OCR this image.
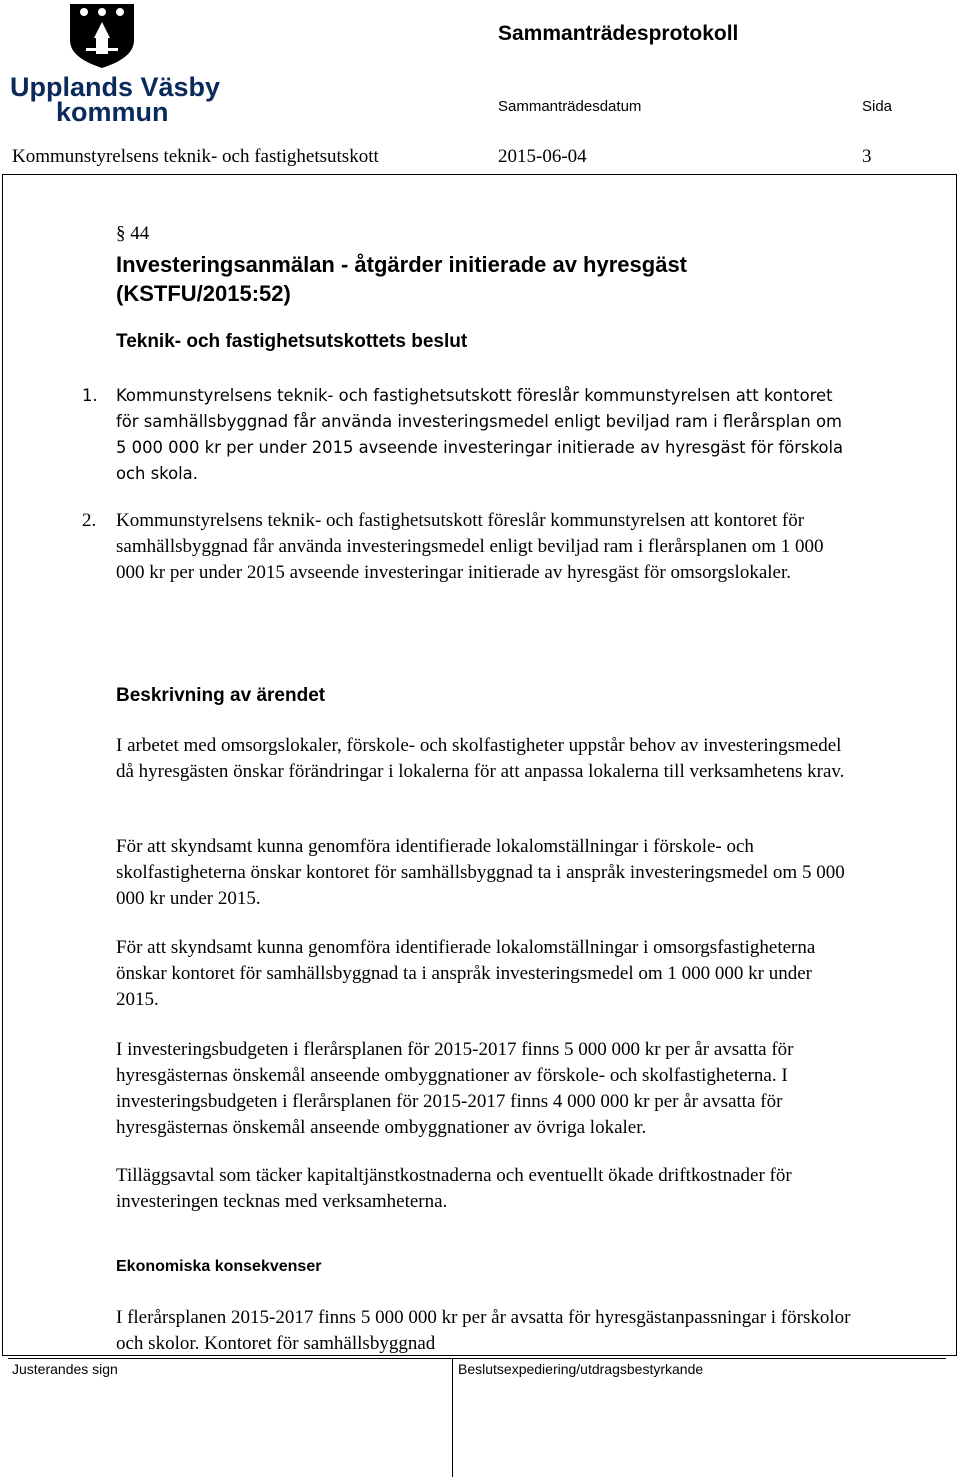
Upplands Väsby
kommun
Sammanträdesprotokoll
Sammanträdesdatum	Sida
Kommunstyrelsens teknik- och fastighetsutskott	2015-06-04	3
§ 44
Investeringsanmälan - åtgärder initierade av hyresgäst
(KSTFU/2015:52)
Teknik- och fastighetsutskottets beslut
1. Kommunstyrelsens teknik- och fastighetsutskott föreslår kommunstyrelsen att kontoret för samhällsbyggnad får använda investeringsmedel enligt beviljad ram i flerårsplan om 5 000 000 kr per under 2015 avseende investeringar initierade av hyresgäst för förskola och skola.
2. Kommunstyrelsens teknik- och fastighetsutskott föreslår kommunstyrelsen att kontoret för samhällsbyggnad får använda investeringsmedel enligt beviljad ram i flerårsplanen om 1 000 000 kr per under 2015 avseende investeringar initierade av hyresgäst för omsorgslokaler.
Beskrivning av ärendet
I arbetet med omsorgslokaler, förskole- och skolfastigheter uppstår behov av investeringsmedel då hyresgästen önskar förändringar i lokalerna för att anpassa lokalerna till verksamhetens krav.
För att skyndsamt kunna genomföra identifierade lokalomställningar i förskole- och skolfastigheterna önskar kontoret för samhällsbyggnad ta i anspråk investeringsmedel om 5 000 000 kr under 2015.
För att skyndsamt kunna genomföra identifierade lokalomställningar i omsorgsfastigheterna önskar kontoret för samhällsbyggnad ta i anspråk investeringsmedel om 1 000 000 kr under 2015.
I investeringsbudgeten i flerårsplanen för 2015-2017 finns 5 000 000 kr per år avsatta för hyresgästernas önskemål anseende ombyggnationer av förskole- och skolfastigheterna. I investeringsbudgeten i flerårsplanen för 2015-2017 finns 4 000 000 kr per år avsatta för hyresgästernas önskemål anseende ombyggnationer av övriga lokaler.
Tilläggsavtal som täcker kapitaltjänstkostnaderna och eventuellt ökade driftkostnader för investeringen tecknas med verksamheterna.
Ekonomiska konsekvenser
I flerårsplanen 2015-2017 finns 5 000 000 kr per år avsatta för hyresgästanpassningar i förskolor och skolor. Kontoret för samhällsbyggnad
Justerandes sign	Beslutsexpediering/utdragsbestyrkande
